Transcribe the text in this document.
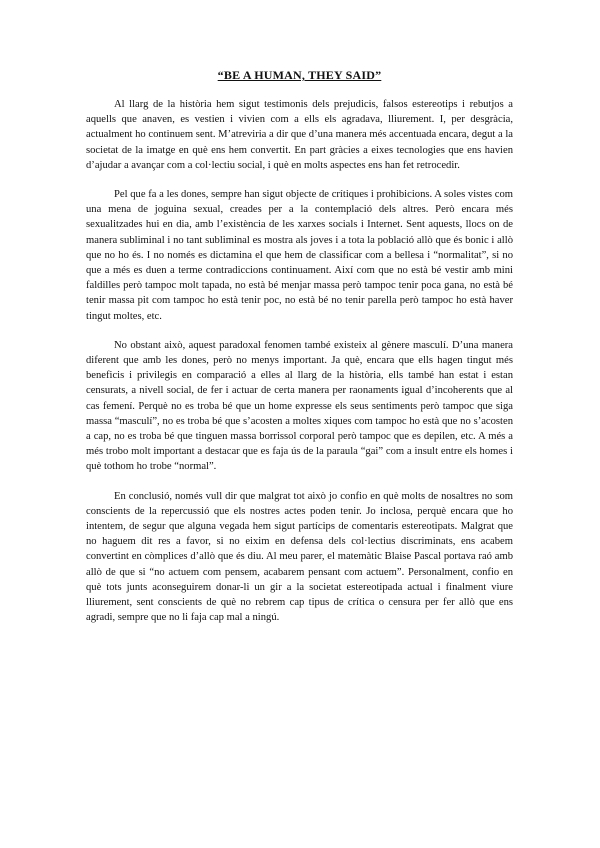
“BE A HUMAN, THEY SAID”

Al llarg de la història hem sigut testimonis dels prejudicis, falsos estereotips i rebutjos a aquells que anaven, es vestien i vivien com a ells els agradava, lliurement. I, per desgràcia, actualment ho continuem sent. M’atreviria a dir que d’una manera més accentuada encara, degut a la societat de la imatge en què ens hem convertit. En part gràcies a eixes tecnologies que ens havien d’ajudar a avançar com a col·lectiu social, i què en molts aspectes ens han fet retrocedir.

Pel que fa a les dones, sempre han sigut objecte de crítiques i prohibicions. A soles vistes com una mena de joguina sexual, creades per a la contemplació dels altres. Però encara més sexualitzades hui en dia, amb l’existència de les xarxes socials i Internet. Sent aquests, llocs on de manera subliminal i no tant subliminal es mostra als joves i a tota la població allò que és bonic i allò que no ho és. I no només es dictamina el que hem de classificar com a bellesa i “normalitat”, si no que a més es duen a terme contradiccions continuament. Així com que no està bé vestir amb mini faldilles però tampoc molt tapada, no està bé menjar massa però tampoc tenir poca gana, no està bé tenir massa pit com tampoc ho està tenir poc, no està bé no tenir parella però tampoc ho està haver tingut moltes, etc.

No obstant això, aquest paradoxal fenomen també existeix al gènere masculí. D’una manera diferent que amb les dones, però no menys important. Ja què, encara que ells hagen tingut més beneficis i privilegis en comparació a elles al llarg de la història, ells també han estat i estan censurats, a nivell social, de fer i actuar de certa manera per raonaments igual d’incoherents que al cas femení. Perquè no es troba bé que un home expresse els seus sentiments però tampoc que siga massa “masculí”, no es troba bé que s’acosten a moltes xiques com tampoc ho està que no s’acosten a cap, no es troba bé que tinguen massa borrissol corporal però tampoc que es depilen, etc. A més a més trobo molt important a destacar que es faja ús de la paraula “gai” com a insult entre els homes i què tothom ho trobe “normal”.

En conclusió, només vull dir que malgrat tot això jo confio en què molts de nosaltres no som conscients de la repercussió que els nostres actes poden tenir. Jo inclosa, perquè encara que ho intentem, de segur que alguna vegada hem sigut partícips de comentaris estereotipats. Malgrat que no haguem dit res a favor, si no eixim en defensa dels col·lectius discriminats, ens acabem convertint en còmplices d’allò que és diu. Al meu parer, el matemàtic Blaise Pascal portava raó amb allò de que si “no actuem com pensem, acabarem pensant com actuem”. Personalment, confio en què tots junts aconseguirem donar-li un gir a la societat estereotipada actual i finalment viure lliurement, sent conscients de què no rebrem cap tipus de crítica o censura per fer allò que ens agradi, sempre que no li faja cap mal a ningú.
